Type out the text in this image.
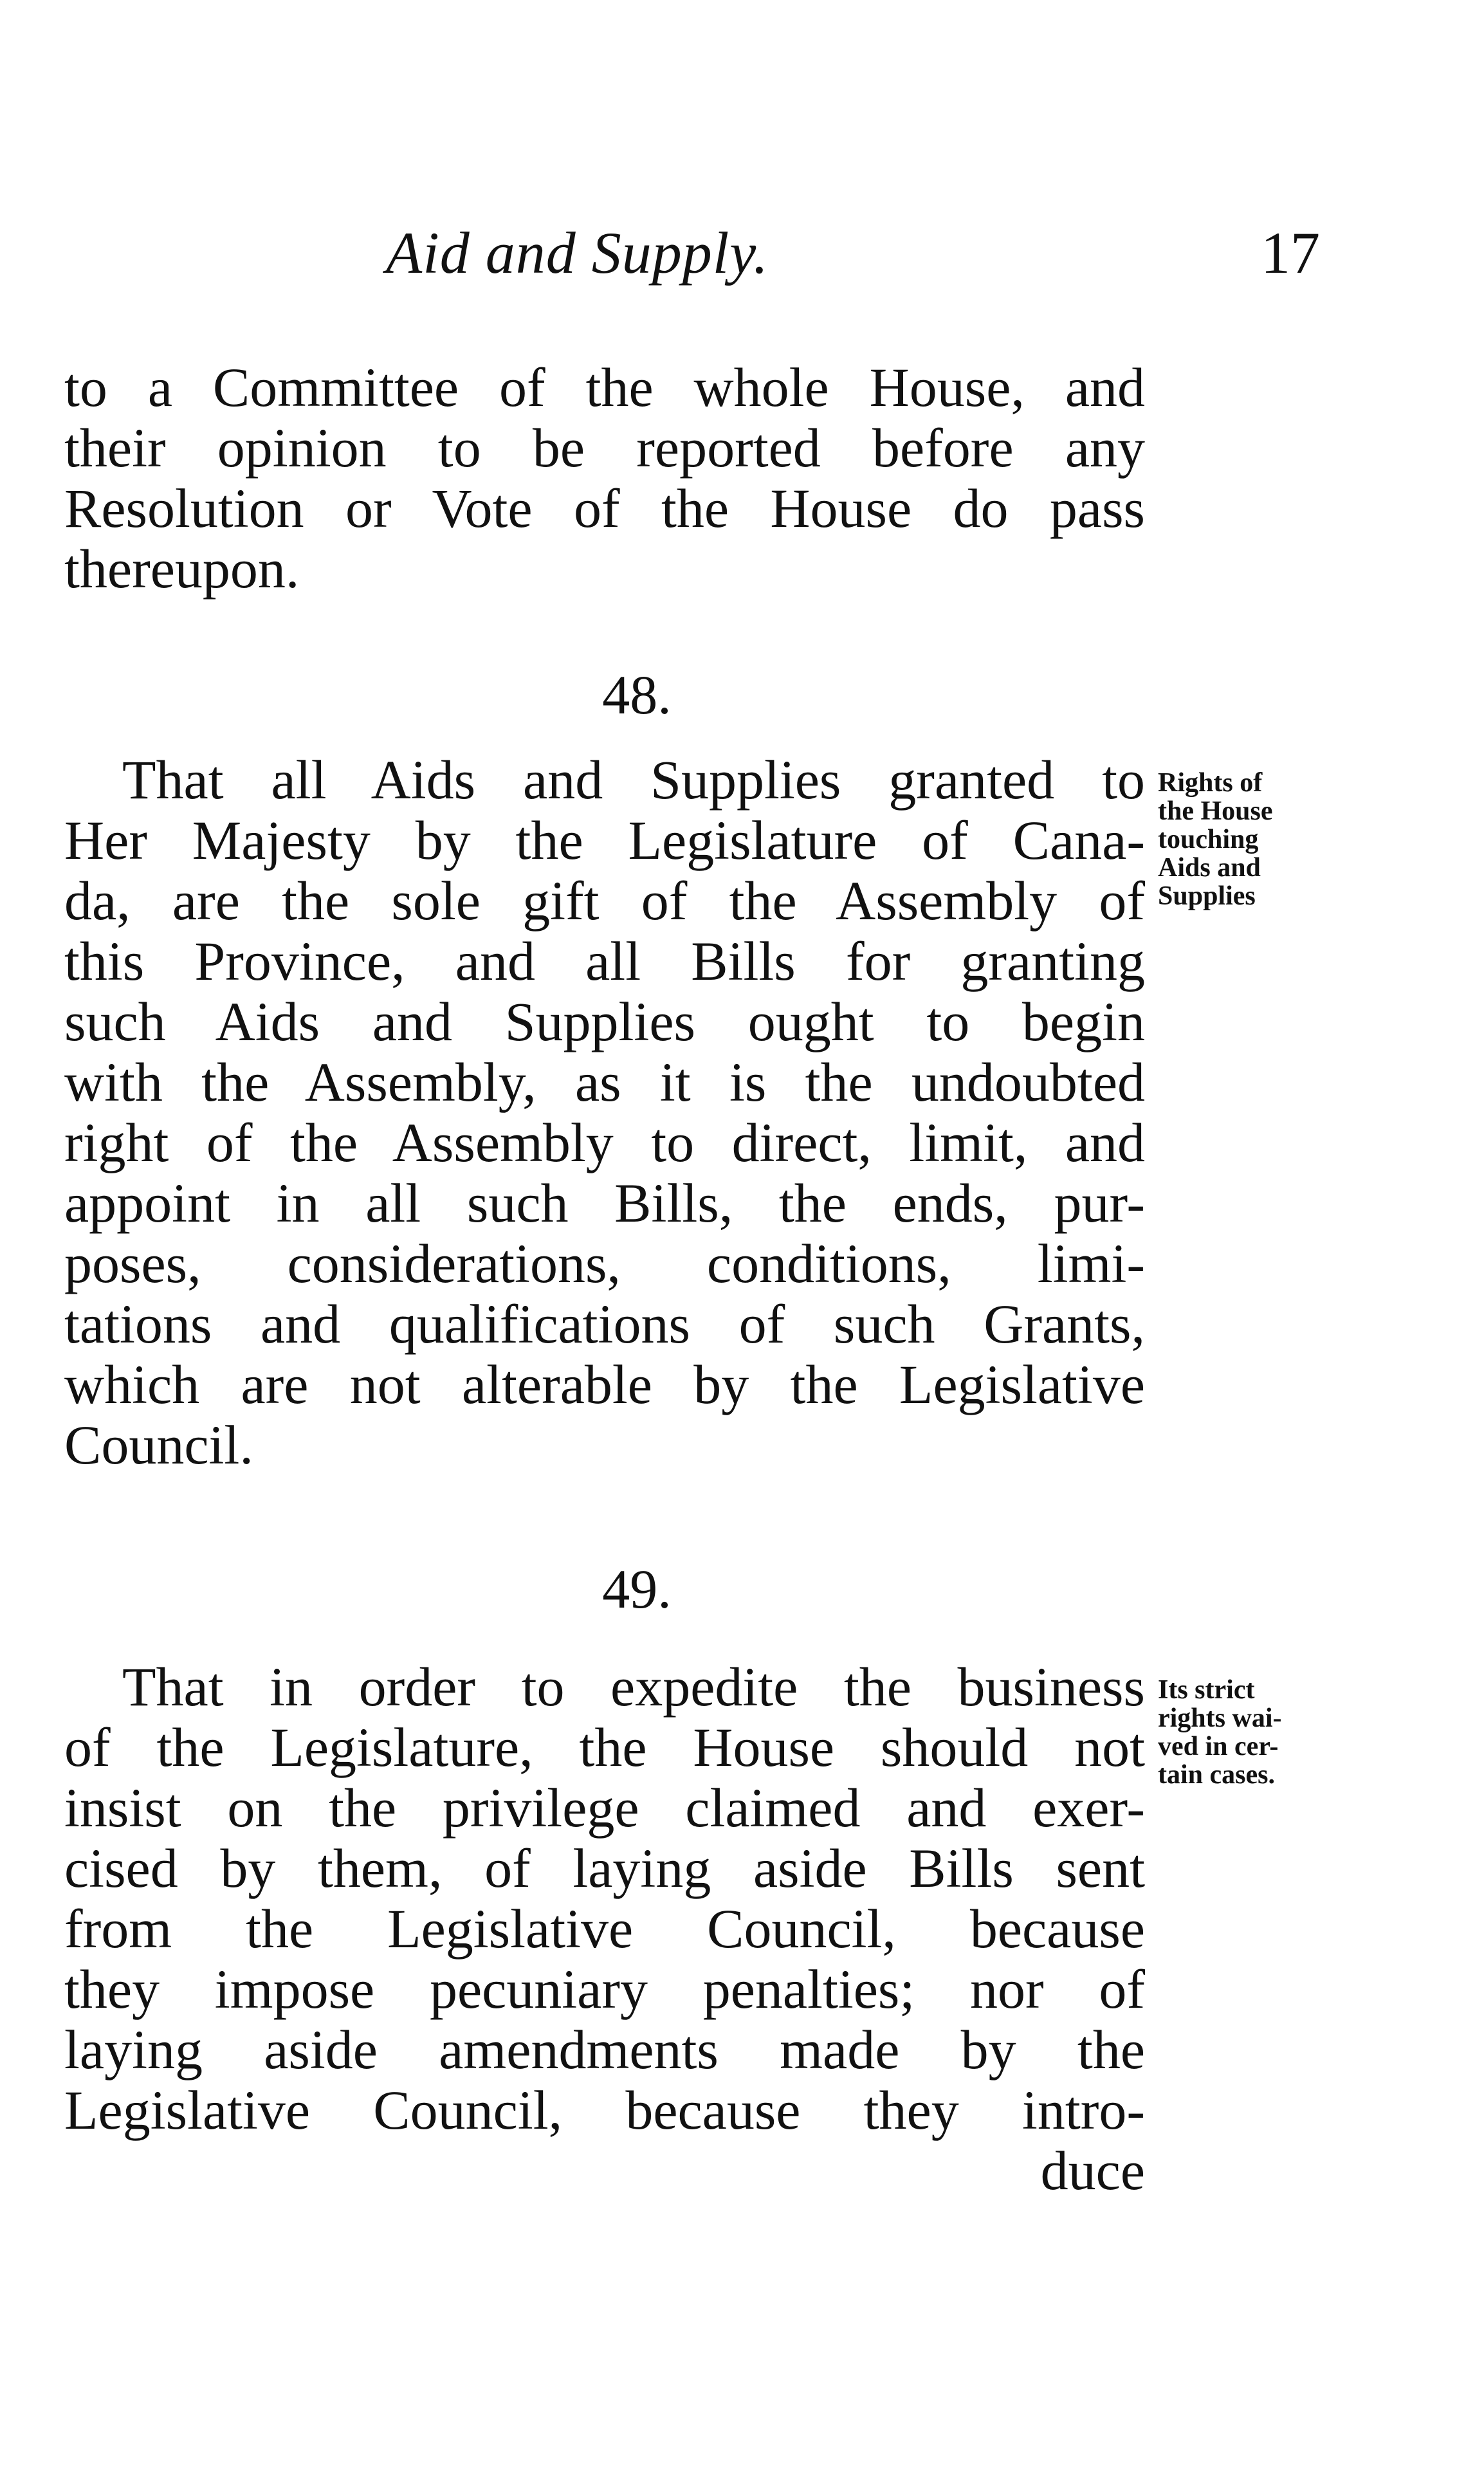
Aid and Supply.	17
to a Committee of the whole House, and
their opinion to be reported before any
Resolution or Vote of the House do pass
thereupon.
48.
That all Aids and Supplies granted to
Her Majesty by the Legislature of Cana-
da, are the sole gift of the Assembly of
this Province, and all Bills for granting
such Aids and Supplies ought to begin
with the Assembly, as it is the undoubted
right of the Assembly to direct, limit, and
appoint in all such Bills, the ends, pur-
poses, considerations, conditions, limi-
tations and qualifications of such Grants,
which are not alterable by the Legislative
Council.
Rights of
the House
touching
Aids and
Supplies
49.
That in order to expedite the business
of the Legislature, the House should not
insist on the privilege claimed and exer-
cised by them, of laying aside Bills sent
from the Legislative Council, because
they impose pecuniary penalties; nor of
laying aside amendments made by the
Legislative Council, because they intro-
duce
Its strict
rights wai-
ved in cer-
tain cases.
